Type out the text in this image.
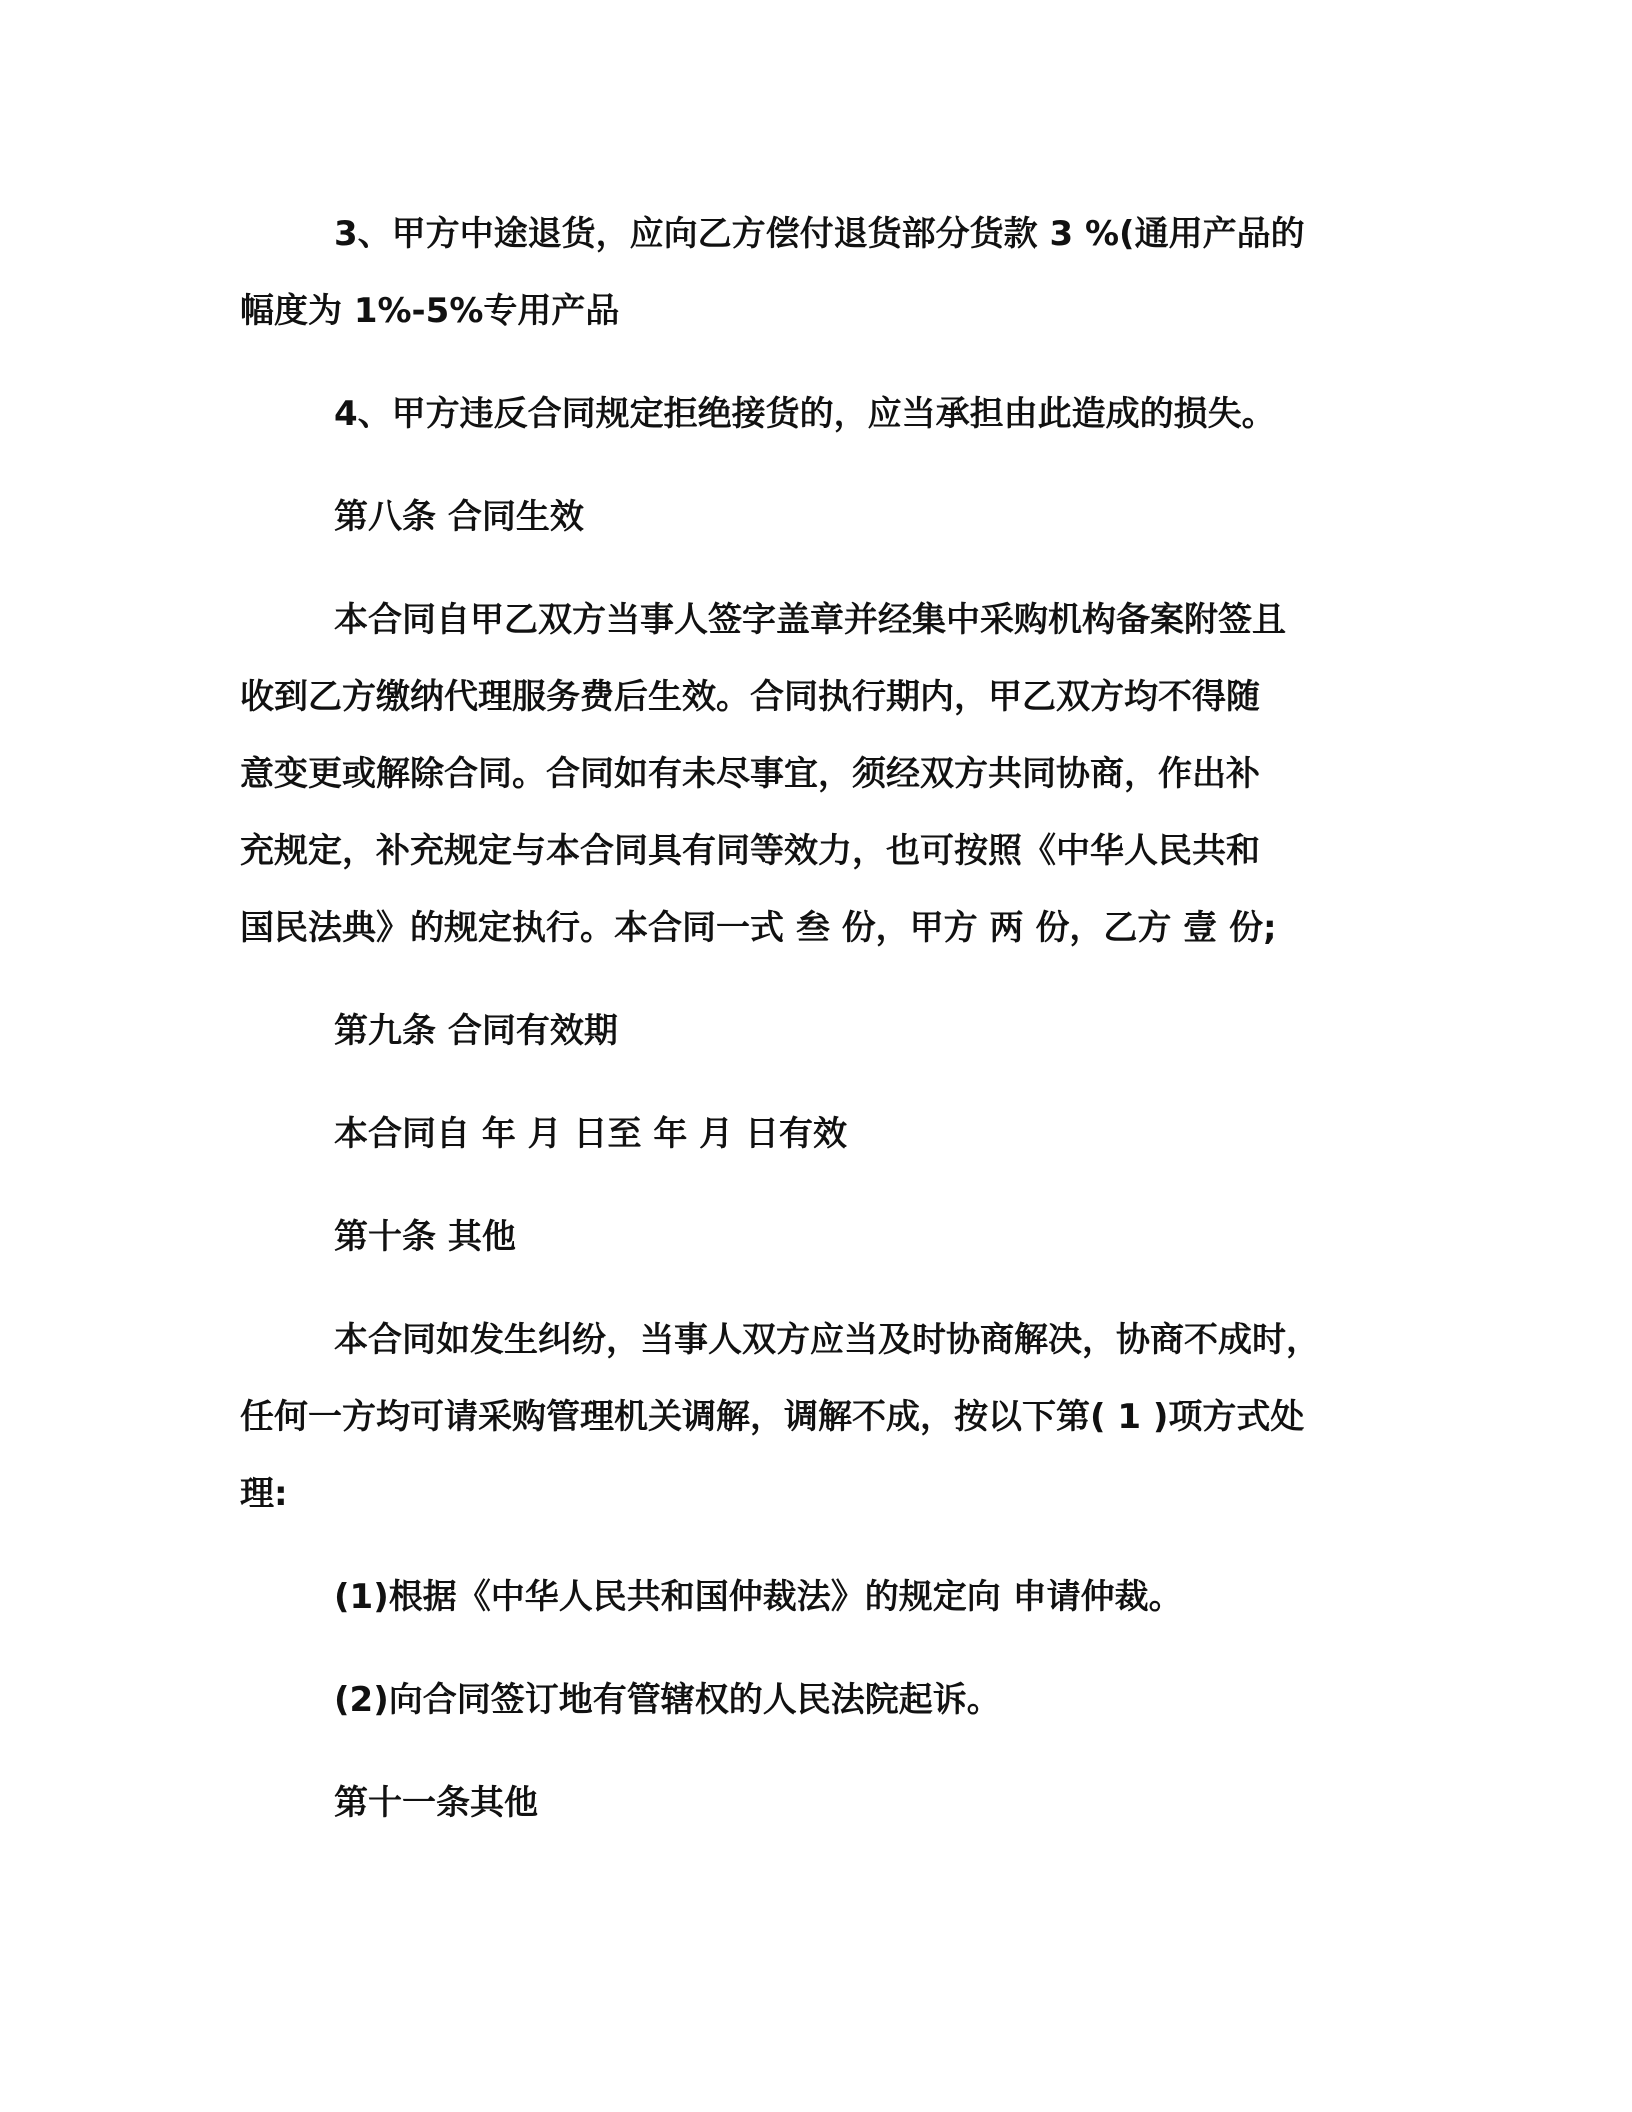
3、甲方中途退货，应向乙方偿付退货部分货款 3 %(通用产品的
幅度为 1%-5%专用产品

4、甲方违反合同规定拒绝接货的，应当承担由此造成的损失。

第八条 合同生效

本合同自甲乙双方当事人签字盖章并经集中采购机构备案附签且
收到乙方缴纳代理服务费后生效。合同执行期内，甲乙双方均不得随
意变更或解除合同。合同如有未尽事宜，须经双方共同协商，作出补
充规定，补充规定与本合同具有同等效力，也可按照《中华人民共和
国民法典》的规定执行。本合同一式 叁 份，甲方 两 份，乙方 壹 份;

第九条 合同有效期

本合同自 年 月 日至 年 月 日有效

第十条 其他

本合同如发生纠纷，当事人双方应当及时协商解决，协商不成时，
任何一方均可请采购管理机关调解，调解不成，按以下第( 1 )项方式处
理:

(1)根据《中华人民共和国仲裁法》的规定向 申请仲裁。

(2)向合同签订地有管辖权的人民法院起诉。

第十一条其他
